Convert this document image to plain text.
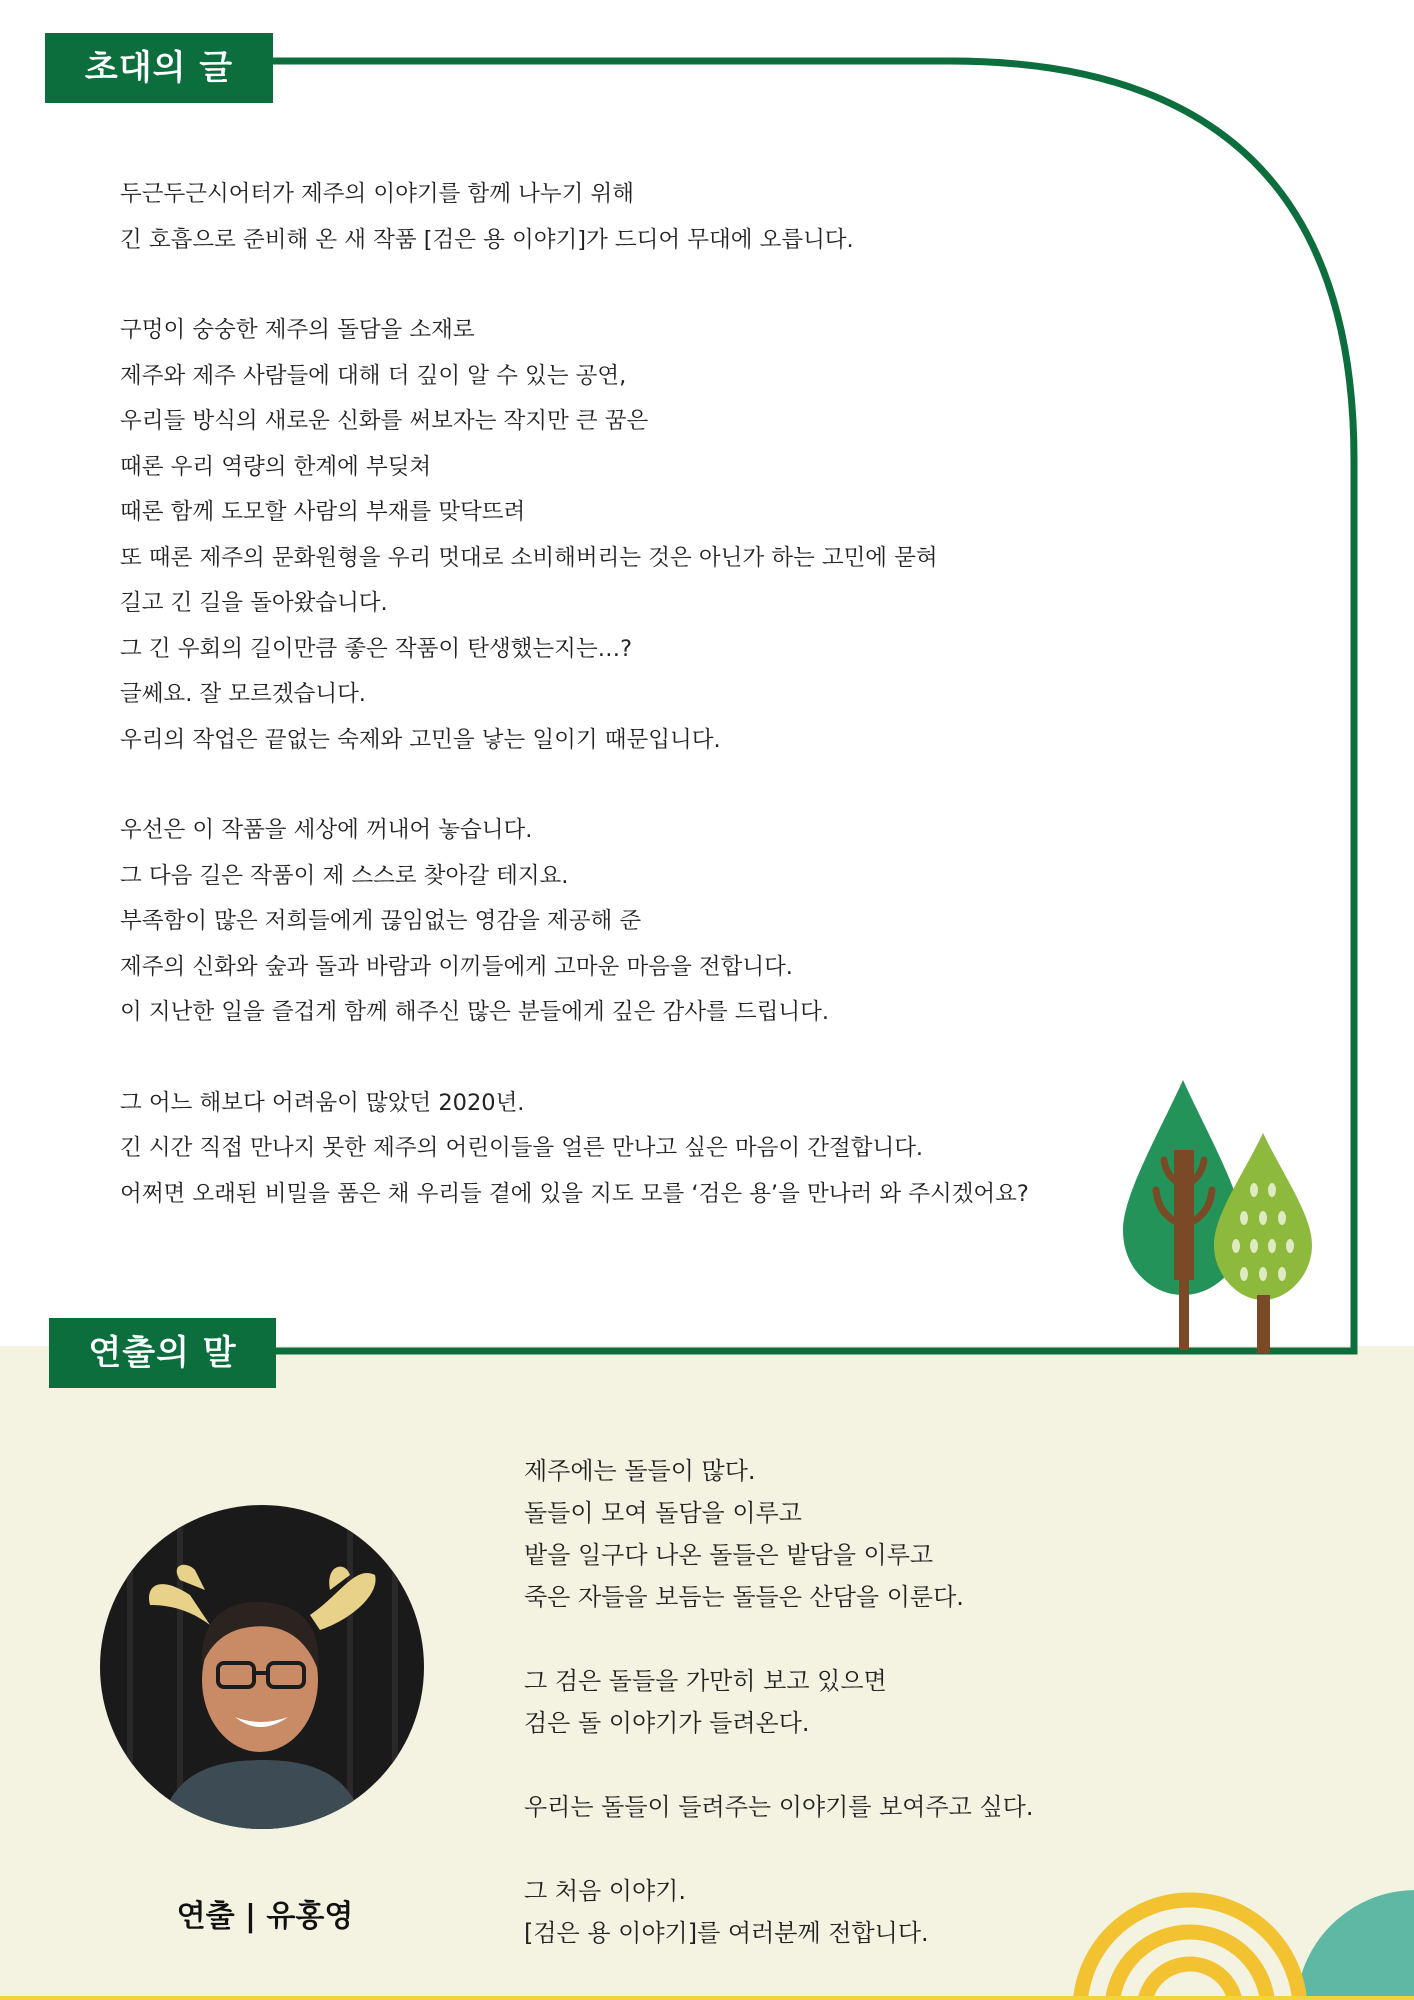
초대의 글
두근두근시어터가 제주의 이야기를 함께 나누기 위해
긴 호흡으로 준비해 온 새 작품 [검은 용 이야기]가 드디어 무대에 오릅니다.
구멍이 숭숭한 제주의 돌담을 소재로
제주와 제주 사람들에 대해 더 깊이 알 수 있는 공연,
우리들 방식의 새로운 신화를 써보자는 작지만 큰 꿈은
때론 우리 역량의 한계에 부딪쳐
때론 함께 도모할 사람의 부재를 맞닥뜨려
또 때론 제주의 문화원형을 우리 멋대로 소비해버리는 것은 아닌가 하는 고민에 묻혀
길고 긴 길을 돌아왔습니다.
그 긴 우회의 길이만큼 좋은 작품이 탄생했는지는…?
글쎄요. 잘 모르겠습니다.
우리의 작업은 끝없는 숙제와 고민을 낳는 일이기 때문입니다.
우선은 이 작품을 세상에 꺼내어 놓습니다.
그 다음 길은 작품이 제 스스로 찾아갈 테지요.
부족함이 많은 저희들에게 끊임없는 영감을 제공해 준
제주의 신화와 숲과 돌과 바람과 이끼들에게 고마운 마음을 전합니다.
이 지난한 일을 즐겁게 함께 해주신 많은 분들에게 깊은 감사를 드립니다.
그 어느 해보다 어려움이 많았던 2020년.
긴 시간 직접 만나지 못한 제주의 어린이들을 얼른 만나고 싶은 마음이 간절합니다.
어쩌면 오래된 비밀을 품은 채 우리들 곁에 있을 지도 모를 ‘검은 용’을 만나러 와 주시겠어요?
연출의 말
연출 | 유홍영
제주에는 돌들이 많다.
돌들이 모여 돌담을 이루고
밭을 일구다 나온 돌들은 밭담을 이루고
죽은 자들을 보듬는 돌들은 산담을 이룬다.
그 검은 돌들을 가만히 보고 있으면
검은 돌 이야기가 들려온다.
우리는 돌들이 들려주는 이야기를 보여주고 싶다.
그 처음 이야기.
[검은 용 이야기]를 여러분께 전합니다.
